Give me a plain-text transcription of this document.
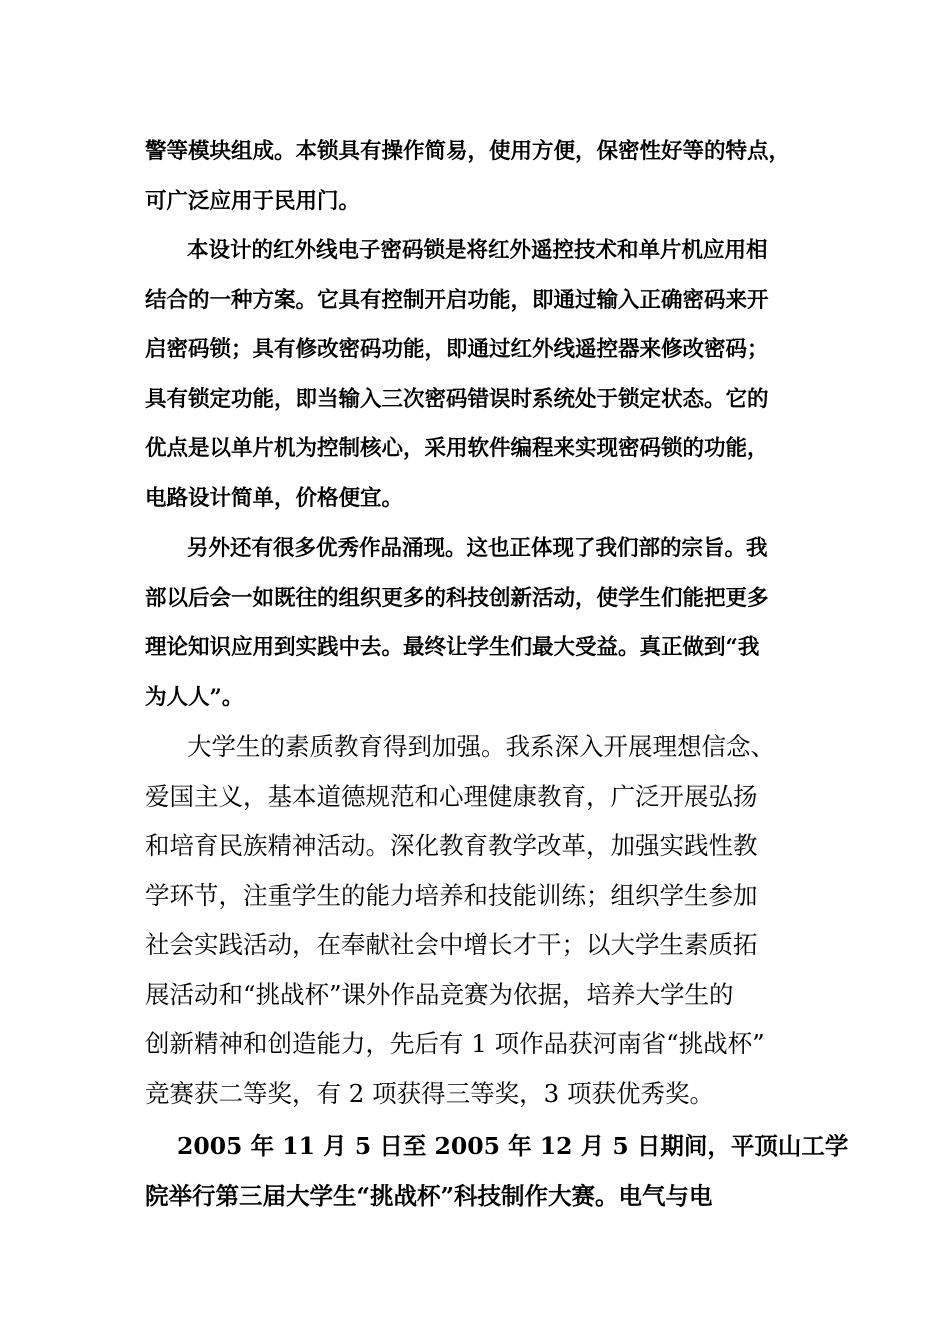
警等模块组成。本锁具有操作简易，使用方便，保密性好等的特点，
可广泛应用于民用门。
本设计的红外线电子密码锁是将红外遥控技术和单片机应用相
结合的一种方案。它具有控制开启功能，即通过输入正确密码来开
启密码锁；具有修改密码功能，即通过红外线遥控器来修改密码；
具有锁定功能，即当输入三次密码错误时系统处于锁定状态。它的
优点是以单片机为控制核心，采用软件编程来实现密码锁的功能，
电路设计简单，价格便宜。
另外还有很多优秀作品涌现。这也正体现了我们部的宗旨。我
部以后会一如既往的组织更多的科技创新活动，使学生们能把更多
理论知识应用到实践中去。最终让学生们最大受益。真正做到“我
为人人”。
大学生的素质教育得到加强。我系深入开展理想信念、
爱国主义，基本道德规范和心理健康教育，广泛开展弘扬
和培育民族精神活动。深化教育教学改革，加强实践性教
学环节，注重学生的能力培养和技能训练；组织学生参加
社会实践活动，在奉献社会中增长才干；以大学生素质拓
展活动和“挑战杯”课外作品竞赛为依据，培养大学生的
创新精神和创造能力，先后有 1 项作品获河南省“挑战杯”
竞赛获二等奖，有 2 项获得三等奖，3 项获优秀奖。
2005 年 11 月 5 日至 2005 年 12 月 5 日期间，平顶山工学
院举行第三届大学生“挑战杯”科技制作大赛。电气与电
